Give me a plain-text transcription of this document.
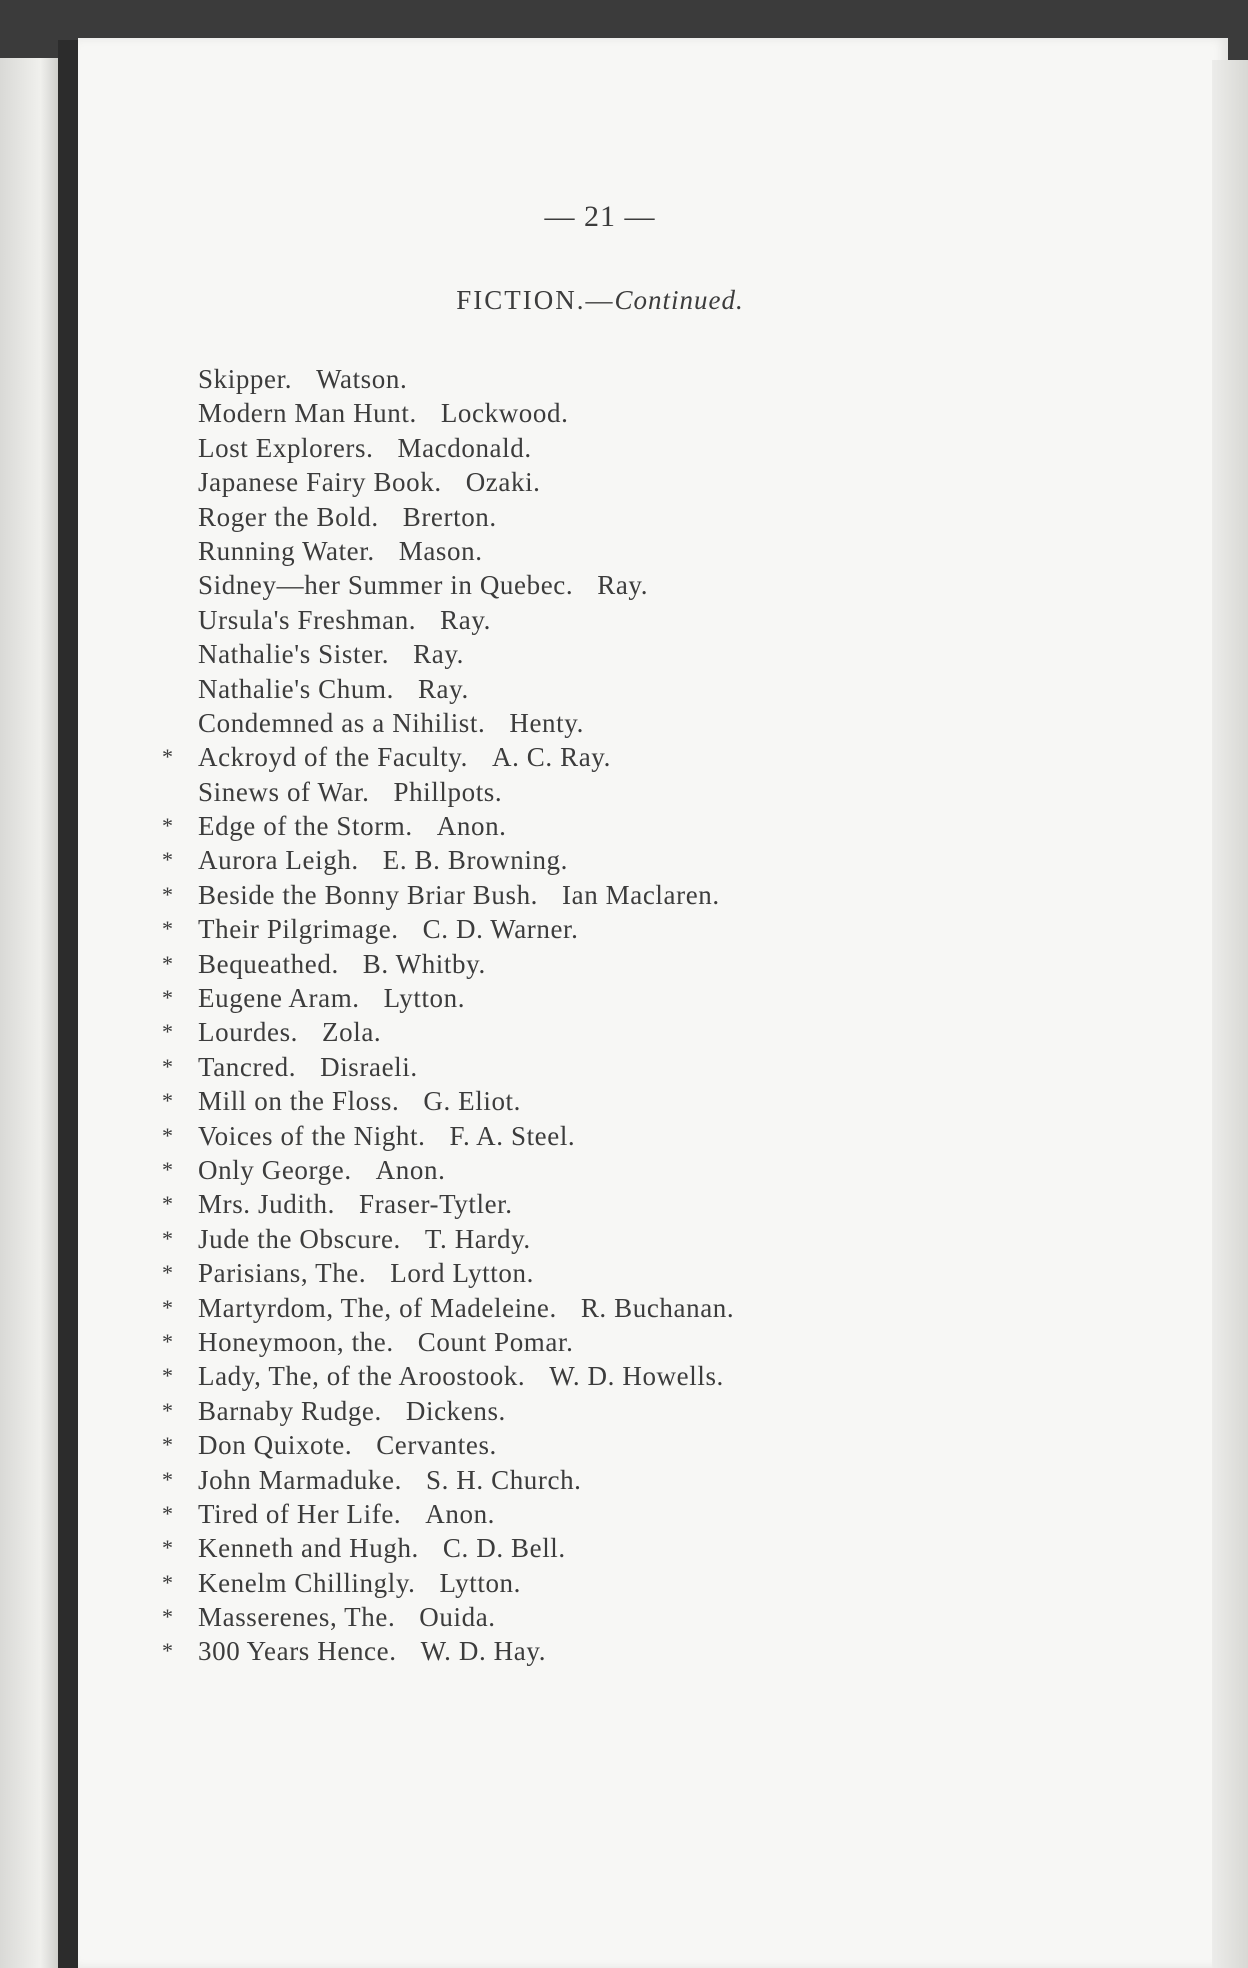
— 21 —
FICTION.—Continued.
Skipper. Watson.
Modern Man Hunt. Lockwood.
Lost Explorers. Macdonald.
Japanese Fairy Book. Ozaki.
Roger the Bold. Brerton.
Running Water. Mason.
Sidney—her Summer in Quebec. Ray.
Ursula's Freshman. Ray.
Nathalie's Sister. Ray.
Nathalie's Chum. Ray.
Condemned as a Nihilist. Henty.
* Ackroyd of the Faculty. A. C. Ray.
Sinews of War. Phillpots.
* Edge of the Storm. Anon.
* Aurora Leigh. E. B. Browning.
* Beside the Bonny Briar Bush. Ian Maclaren.
* Their Pilgrimage. C. D. Warner.
* Bequeathed. B. Whitby.
* Eugene Aram. Lytton.
* Lourdes. Zola.
* Tancred. Disraeli.
* Mill on the Floss. G. Eliot.
* Voices of the Night. F. A. Steel.
* Only George. Anon.
* Mrs. Judith. Fraser-Tytler.
* Jude the Obscure. T. Hardy.
* Parisians, The. Lord Lytton.
* Martyrdom, The, of Madeleine. R. Buchanan.
* Honeymoon, the. Count Pomar.
* Lady, The, of the Aroostook. W. D. Howells.
* Barnaby Rudge. Dickens.
* Don Quixote. Cervantes.
* John Marmaduke. S. H. Church.
* Tired of Her Life. Anon.
* Kenneth and Hugh. C. D. Bell.
* Kenelm Chillingly. Lytton.
* Masserenes, The. Ouida.
* 300 Years Hence. W. D. Hay.
